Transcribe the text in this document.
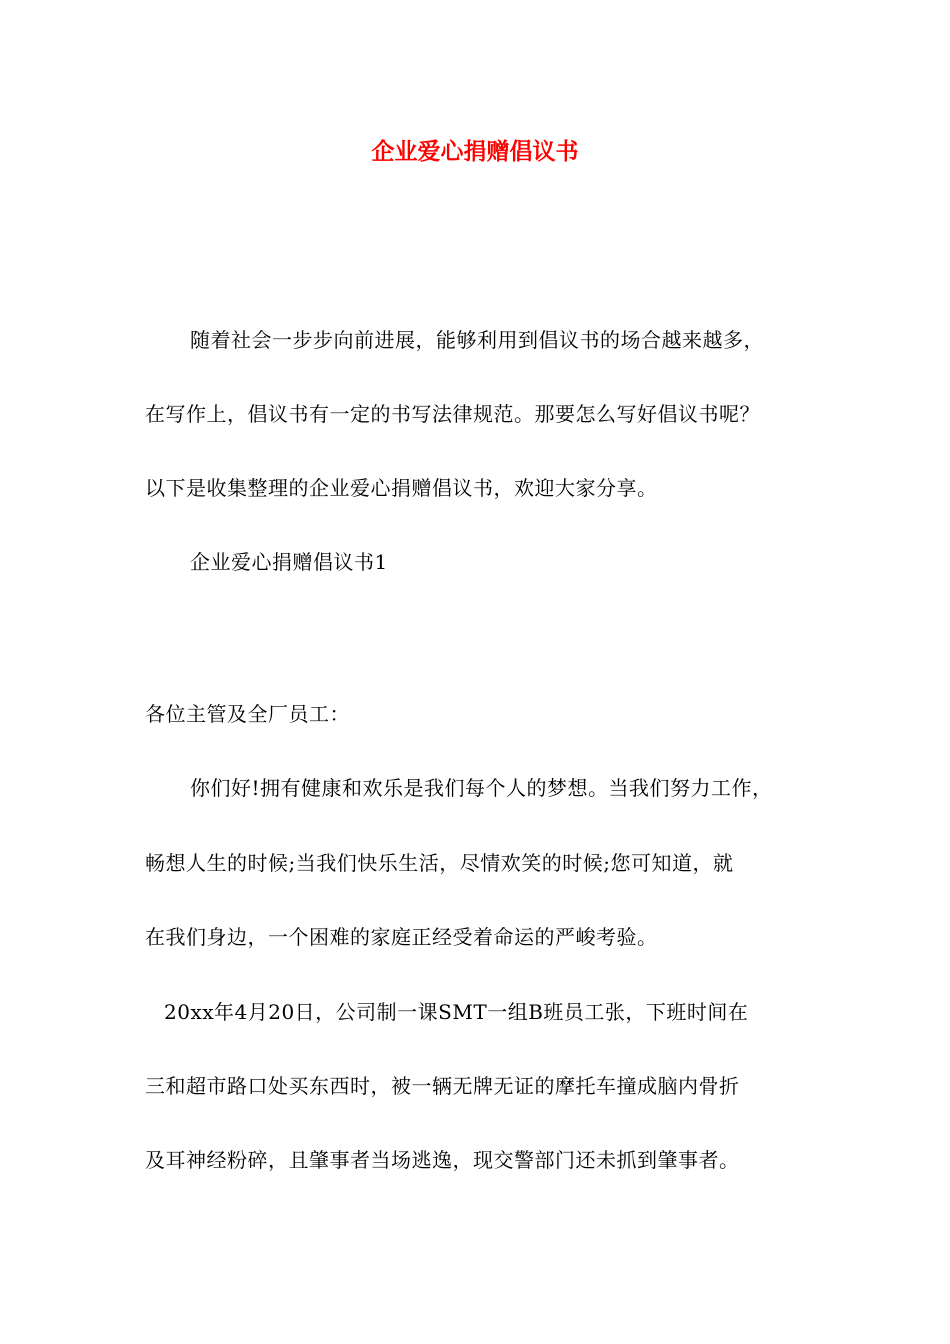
企业爱心捐赠倡议书
随着社会一步步向前进展，能够利用到倡议书的场合越来越多，
在写作上，倡议书有一定的书写法律规范。那要怎么写好倡议书呢？
以下是收集整理的企业爱心捐赠倡议书，欢迎大家分享。
企业爱心捐赠倡议书1
各位主管及全厂员工：
你们好!拥有健康和欢乐是我们每个人的梦想。当我们努力工作，
畅想人生的时候;当我们快乐生活，尽情欢笑的时候;您可知道，就
在我们身边，一个困难的家庭正经受着命运的严峻考验。
20xx年4月20日，公司制一课SMT一组B班员工张，下班时间在
三和超市路口处买东西时，被一辆无牌无证的摩托车撞成脑内骨折
及耳神经粉碎，且肇事者当场逃逸，现交警部门还未抓到肇事者。
